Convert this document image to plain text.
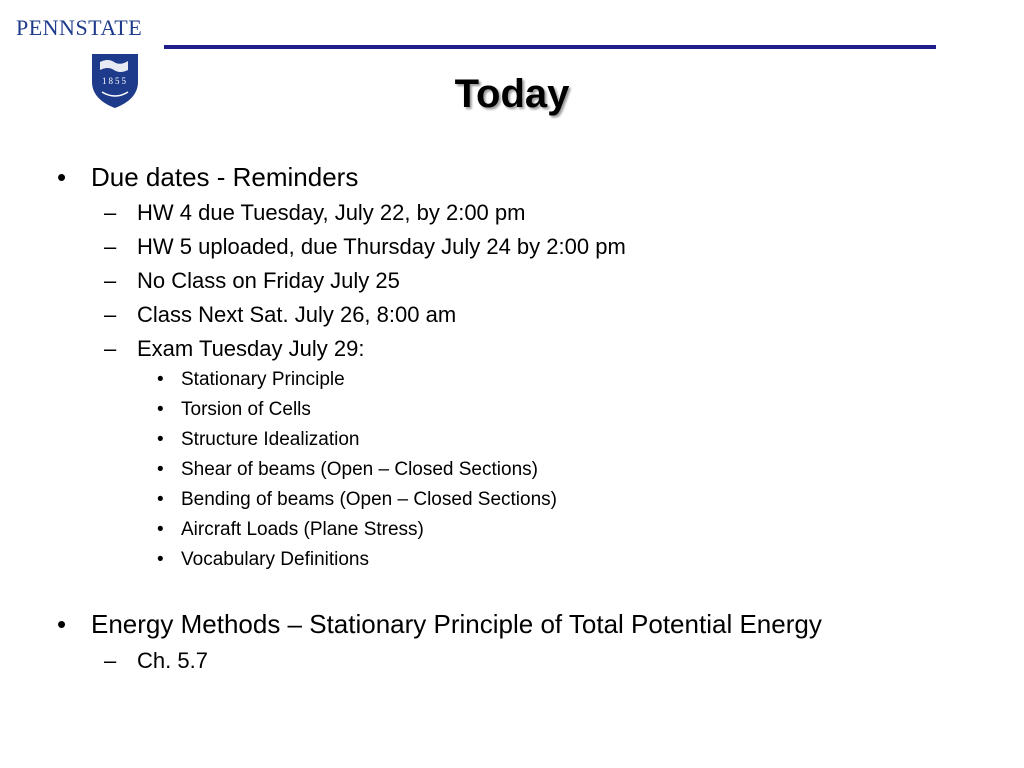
PENNSTATE
1855	Today
• Due dates - Reminders
– HW 4 due Tuesday, July 22, by 2:00 pm
– HW 5 uploaded, due Thursday July 24 by 2:00 pm
– No Class on Friday July 25
– Class Next Sat. July 26, 8:00 am
– Exam Tuesday July 29:
• Stationary Principle
• Torsion of Cells
• Structure Idealization
• Shear of beams (Open – Closed Sections)
• Bending of beams (Open – Closed Sections)
• Aircraft Loads (Plane Stress)
• Vocabulary Definitions
• Energy Methods – Stationary Principle of Total Potential Energy
– Ch. 5.7
